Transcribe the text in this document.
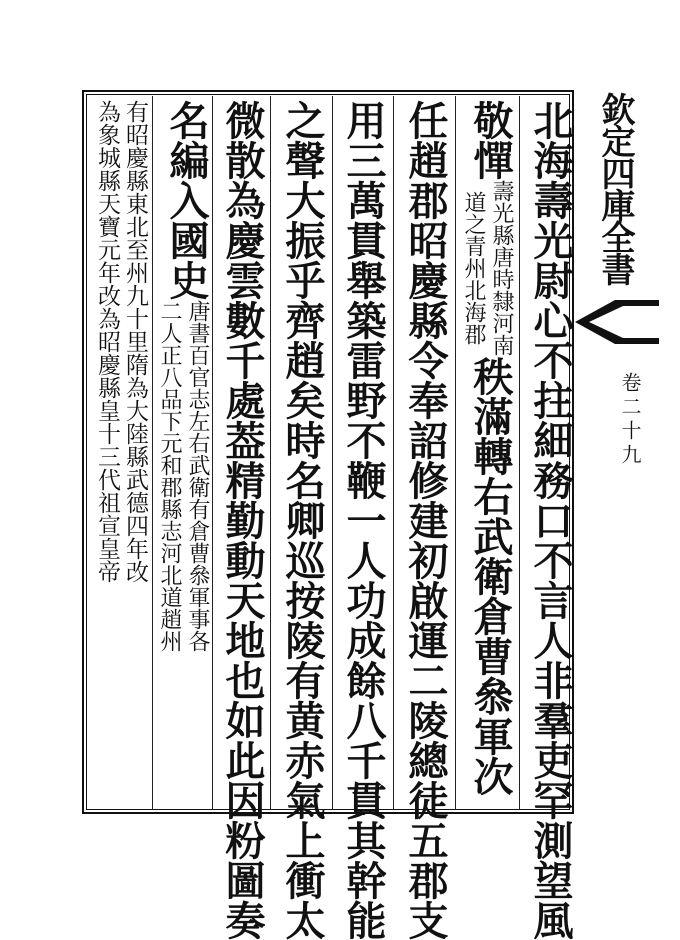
欽定四庫全書
卷二十九
北海壽光尉心不拄細務口不言人非羣吏罕測望風
敬憚
壽光縣唐時隸河南
道之青州北海郡
秩滿轉右武衛倉曹叅軍次
任趙郡昭慶縣令奉詔修建初啟運二陵總徒五郡支
用三萬貫舉築雷野不鞭一人功成餘八千貫其幹能
之聲大振乎齊趙矣時名卿巡按陵有黄赤氣上衝太
微散為慶雲數千處葢精勤動天地也如此因粉圖奏
名編入國史
唐書百官志左右武衛有倉曹叅軍事各
二人正八品下元和郡縣志河北道趙州
有昭慶縣東北至州九十里隋為大陸縣武德四年改
為象城縣天寶元年改為昭慶縣皇十三代祖宣皇帝
